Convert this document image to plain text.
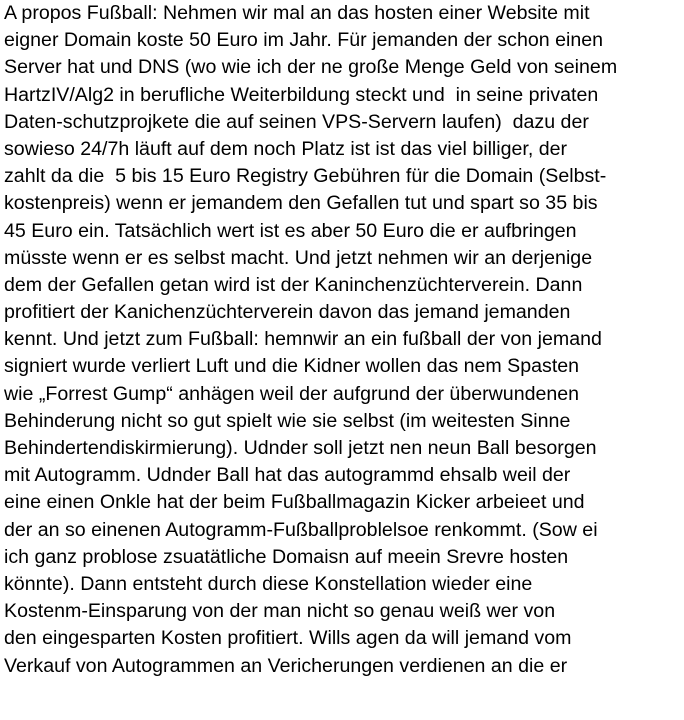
A propos Fußball: Nehmen wir mal an das hosten einer Website mit
eigner Domain koste 50 Euro im Jahr. Für jemanden der schon einen
Server hat und DNS (wo wie ich der ne große Menge Geld von seinem
HartzIV/Alg2 in berufliche Weiterbildung steckt und  in seine privaten
Daten-schutzprojkete die auf seinen VPS-Servern laufen)  dazu der
sowieso 24/7h läuft auf dem noch Platz ist ist das viel billiger, der
zahlt da die  5 bis 15 Euro Registry Gebühren für die Domain (Selbst-
kostenpreis) wenn er jemandem den Gefallen tut und spart so 35 bis
45 Euro ein. Tatsächlich wert ist es aber 50 Euro die er aufbringen
müsste wenn er es selbst macht. Und jetzt nehmen wir an derjenige
dem der Gefallen getan wird ist der Kaninchenzüchterverein. Dann
profitiert der Kanichenzüchterverein davon das jemand jemanden
kennt. Und jetzt zum Fußball: hemnwir an ein fußball der von jemand
signiert wurde verliert Luft und die Kidner wollen das nem Spasten
wie „Forrest Gump“ anhägen weil der aufgrund der überwundenen
Behinderung nicht so gut spielt wie sie selbst (im weitesten Sinne
Behindertendiskirmierung). Udnder soll jetzt nen neun Ball besorgen
mit Autogramm. Udnder Ball hat das autogrammd ehsalb weil der
eine einen Onkle hat der beim Fußballmagazin Kicker arbeieet und
der an so einenen Autogramm-Fußballproblelsoe renkommt. (Sow ei
ich ganz problose zsuatätliche Domaisn auf meein Srevre hosten
könnte). Dann entsteht durch diese Konstellation wieder eine
Kostenm-Einsparung von der man nicht so genau weiß wer von
den eingesparten Kosten profitiert. Wills agen da will jemand vom
Verkauf von Autogrammen an Vericherungen verdienen an die er
